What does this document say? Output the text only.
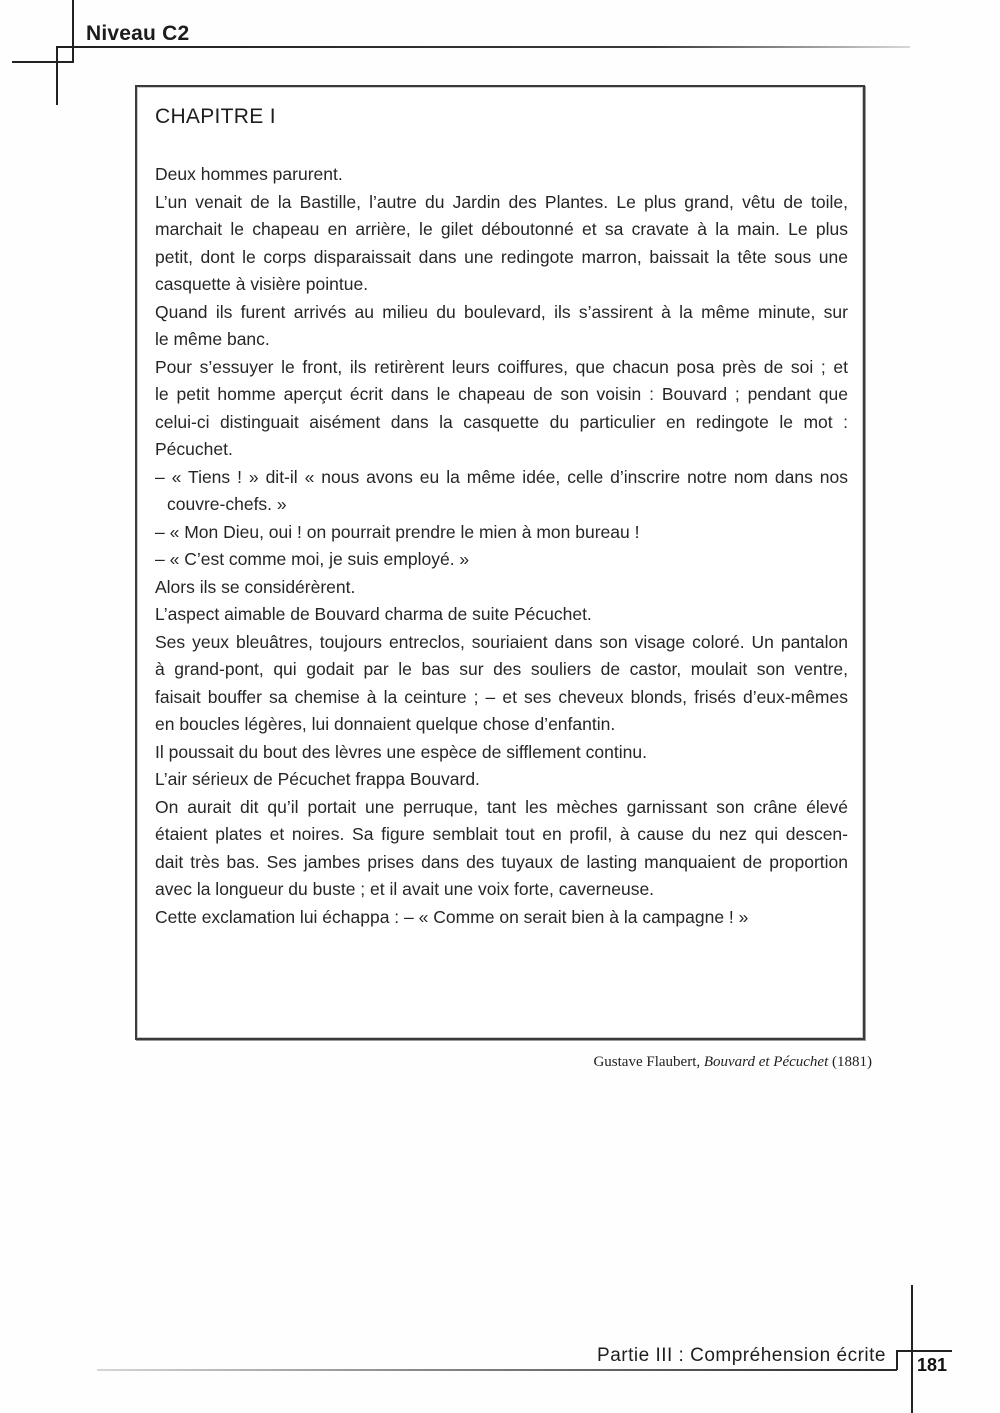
Niveau C2
CHAPITRE I
Deux hommes parurent.
L’un venait de la Bastille, l’autre du Jardin des Plantes. Le plus grand, vêtu de toile,
marchait le chapeau en arrière, le gilet déboutonné et sa cravate à la main. Le plus
petit, dont le corps disparaissait dans une redingote marron, baissait la tête sous une
casquette à visière pointue.
Quand ils furent arrivés au milieu du boulevard, ils s’assirent à la même minute, sur
le même banc.
Pour s’essuyer le front, ils retirèrent leurs coiffures, que chacun posa près de soi ; et
le petit homme aperçut écrit dans le chapeau de son voisin : Bouvard ; pendant que
celui-ci distinguait aisément dans la casquette du particulier en redingote le mot :
Pécuchet.
– « Tiens ! » dit-il « nous avons eu la même idée, celle d’inscrire notre nom dans nos
couvre-chefs. »
– « Mon Dieu, oui ! on pourrait prendre le mien à mon bureau !
– « C’est comme moi, je suis employé. »
Alors ils se considérèrent.
L’aspect aimable de Bouvard charma de suite Pécuchet.
Ses yeux bleuâtres, toujours entreclos, souriaient dans son visage coloré. Un pantalon
à grand-pont, qui godait par le bas sur des souliers de castor, moulait son ventre,
faisait bouffer sa chemise à la ceinture ; – et ses cheveux blonds, frisés d’eux-mêmes
en boucles légères, lui donnaient quelque chose d’enfantin.
Il poussait du bout des lèvres une espèce de sifflement continu.
L’air sérieux de Pécuchet frappa Bouvard.
On aurait dit qu’il portait une perruque, tant les mèches garnissant son crâne élevé
étaient plates et noires. Sa figure semblait tout en profil, à cause du nez qui descen-
dait très bas. Ses jambes prises dans des tuyaux de lasting manquaient de proportion
avec la longueur du buste ; et il avait une voix forte, caverneuse.
Cette exclamation lui échappa : – « Comme on serait bien à la campagne ! »
Gustave Flaubert, Bouvard et Pécuchet (1881)
Partie III : Compréhension écrite 181
